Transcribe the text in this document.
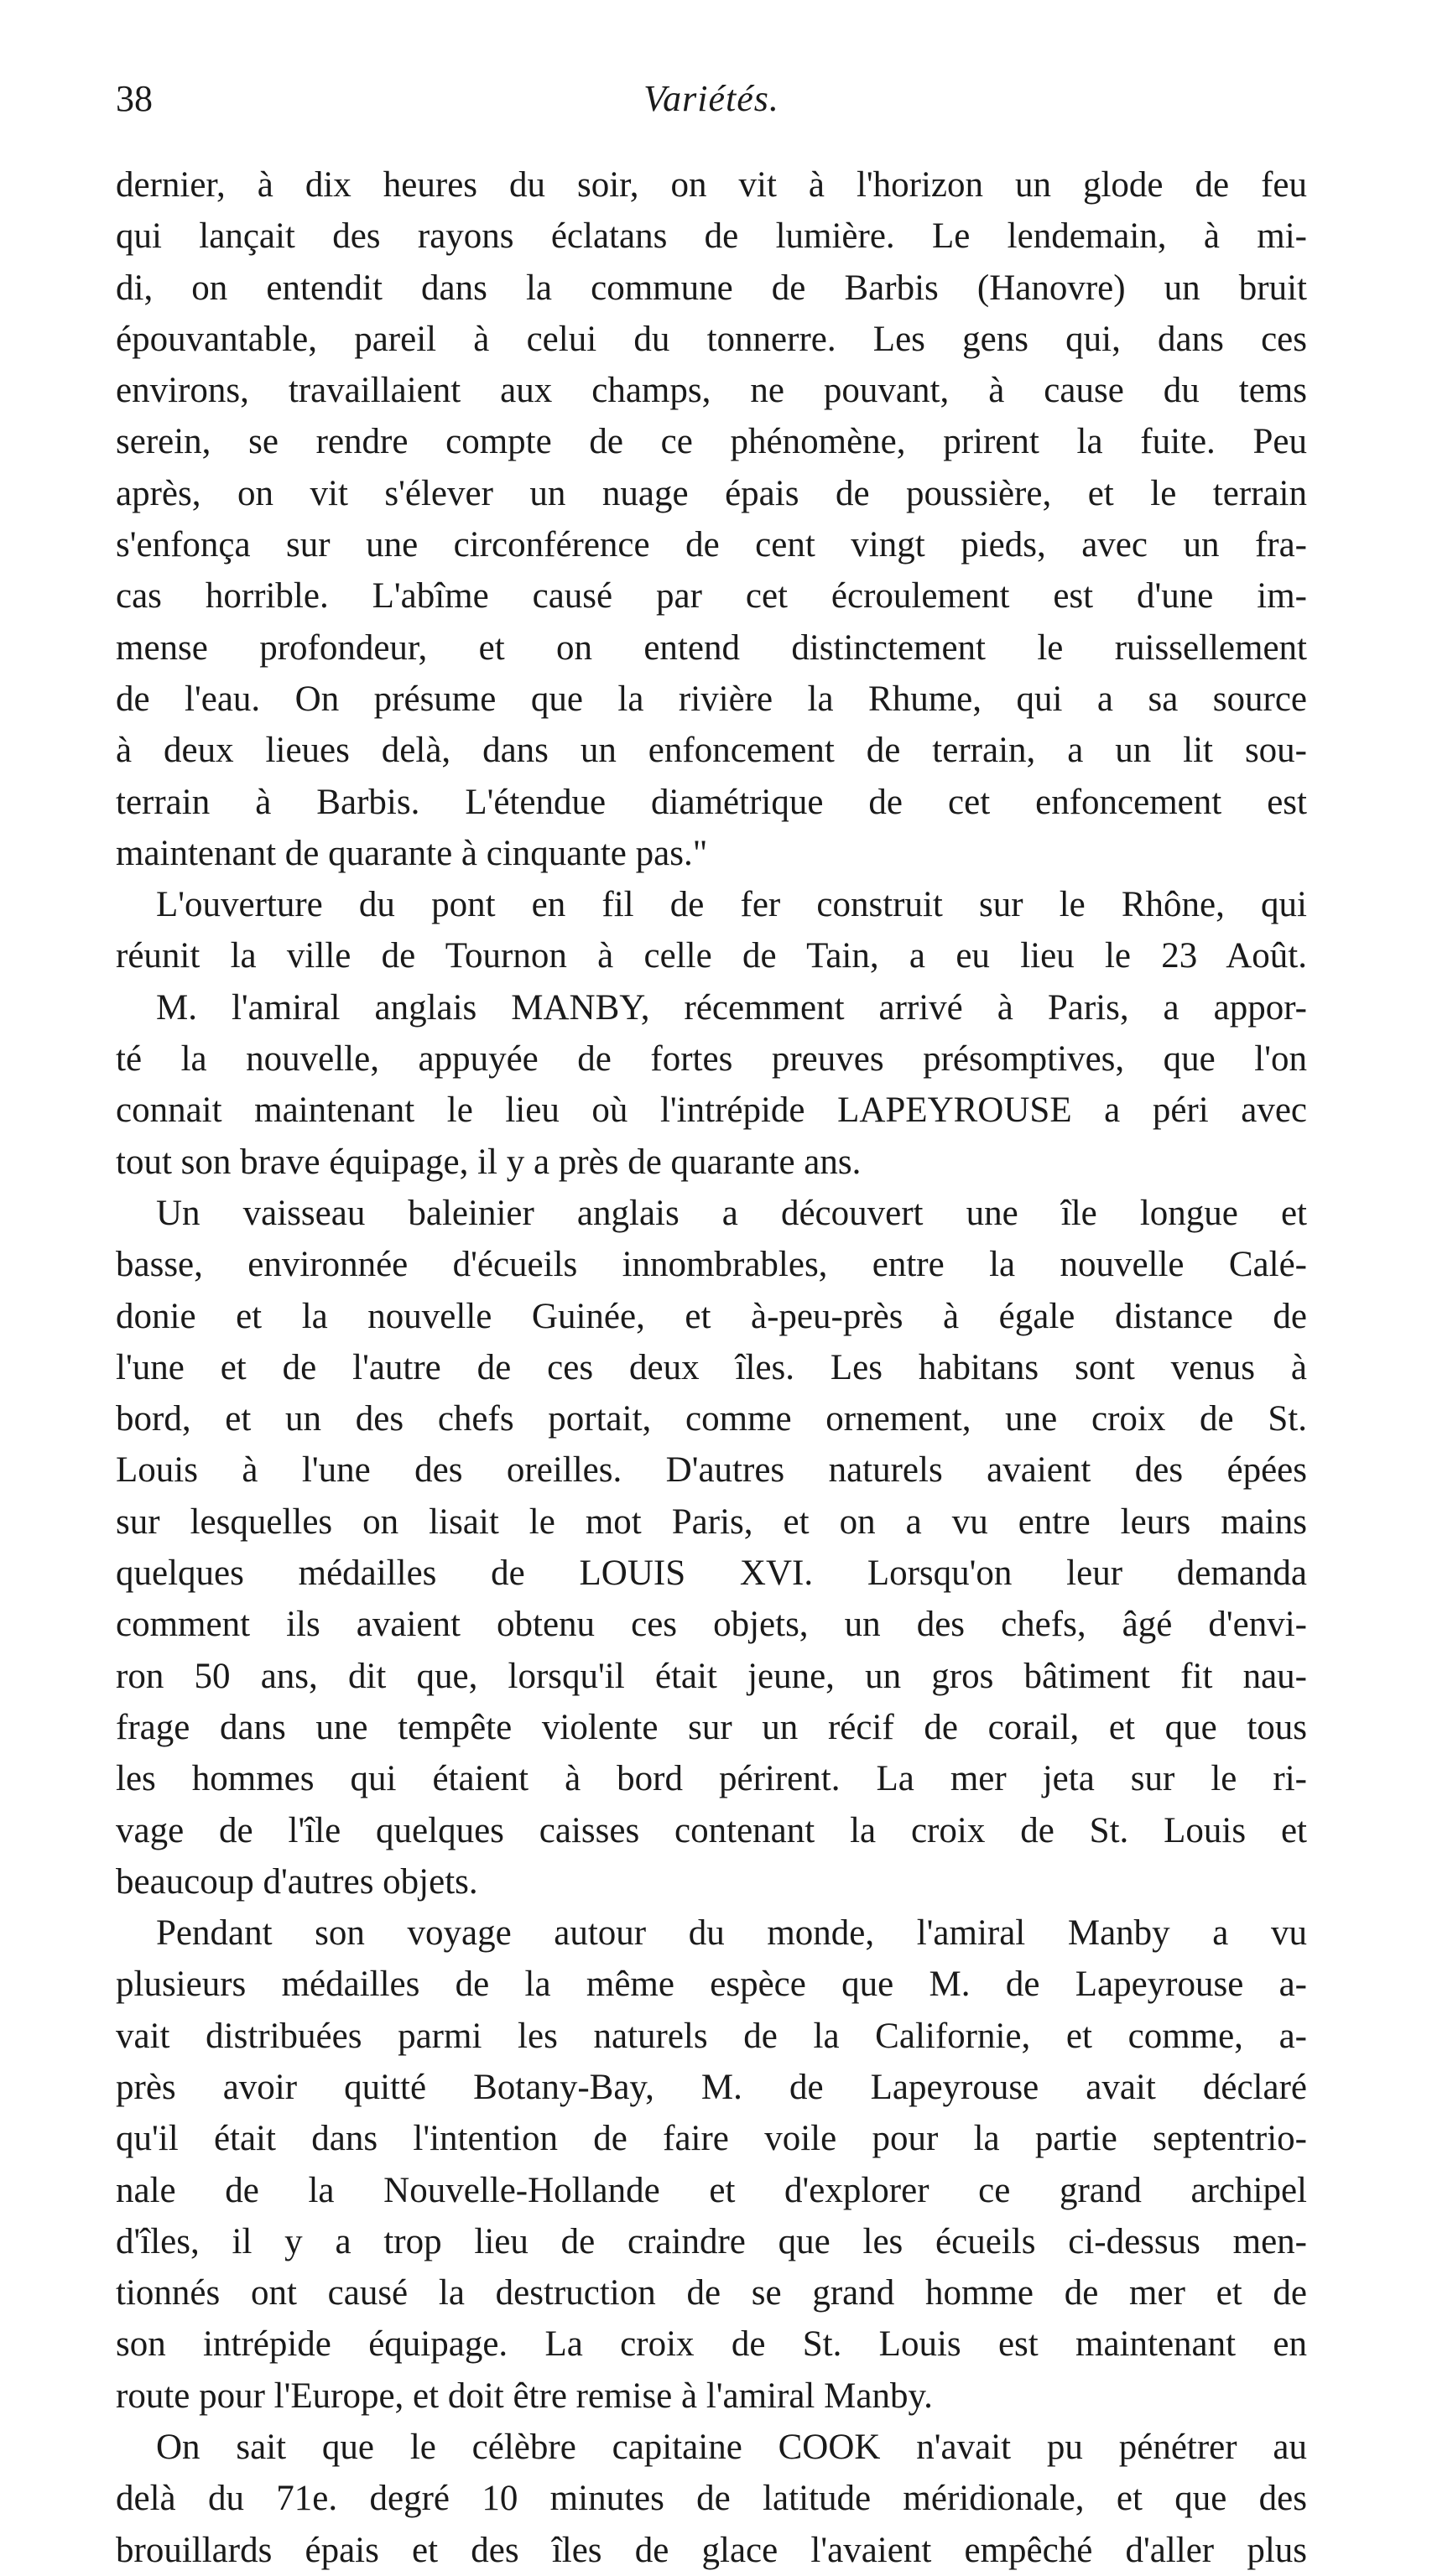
38	Variétés.
dernier, à dix heures du soir, on vit à l'horizon un glode de feu
qui lançait des rayons éclatans de lumière. Le lendemain, à mi-
di, on entendit dans la commune de Barbis (Hanovre) un bruit
épouvantable, pareil à celui du tonnerre. Les gens qui, dans ces
environs, travaillaient aux champs, ne pouvant, à cause du tems
serein, se rendre compte de ce phénomène, prirent la fuite. Peu
après, on vit s'élever un nuage épais de poussière, et le terrain
s'enfonça sur une circonférence de cent vingt pieds, avec un fra-
cas horrible. L'abîme causé par cet écroulement est d'une im-
mense profondeur, et on entend distinctement le ruissellement
de l'eau. On présume que la rivière la Rhume, qui a sa source
à deux lieues delà, dans un enfoncement de terrain, a un lit sou-
terrain à Barbis. L'étendue diamétrique de cet enfoncement est
maintenant de quarante à cinquante pas."
L'ouverture du pont en fil de fer construit sur le Rhône, qui
réunit la ville de Tournon à celle de Tain, a eu lieu le 23 Août.
M. l'amiral anglais MANBY, récemment arrivé à Paris, a appor-
té la nouvelle, appuyée de fortes preuves présomptives, que l'on
connait maintenant le lieu où l'intrépide LAPEYROUSE a péri avec
tout son brave équipage, il y a près de quarante ans.
Un vaisseau baleinier anglais a découvert une île longue et
basse, environnée d'écueils innombrables, entre la nouvelle Calé-
donie et la nouvelle Guinée, et à-peu-près à égale distance de
l'une et de l'autre de ces deux îles. Les habitans sont venus à
bord, et un des chefs portait, comme ornement, une croix de St.
Louis à l'une des oreilles. D'autres naturels avaient des épées
sur lesquelles on lisait le mot Paris, et on a vu entre leurs mains
quelques médailles de LOUIS XVI. Lorsqu'on leur demanda
comment ils avaient obtenu ces objets, un des chefs, âgé d'envi-
ron 50 ans, dit que, lorsqu'il était jeune, un gros bâtiment fit nau-
frage dans une tempête violente sur un récif de corail, et que tous
les hommes qui étaient à bord périrent. La mer jeta sur le ri-
vage de l'île quelques caisses contenant la croix de St. Louis et
beaucoup d'autres objets.
Pendant son voyage autour du monde, l'amiral Manby a vu
plusieurs médailles de la même espèce que M. de Lapeyrouse a-
vait distribuées parmi les naturels de la Californie, et comme, a-
près avoir quitté Botany-Bay, M. de Lapeyrouse avait déclaré
qu'il était dans l'intention de faire voile pour la partie septentrio-
nale de la Nouvelle-Hollande et d'explorer ce grand archipel
d'îles, il y a trop lieu de craindre que les écueils ci-dessus men-
tionnés ont causé la destruction de se grand homme de mer et de
son intrépide équipage. La croix de St. Louis est maintenant en
route pour l'Europe, et doit être remise à l'amiral Manby.
On sait que le célèbre capitaine COOK n'avait pu pénétrer au
delà du 71e. degré 10 minutes de latitude méridionale, et que des
brouillards épais et des îles de glace l'avaient empêché d'aller plus
